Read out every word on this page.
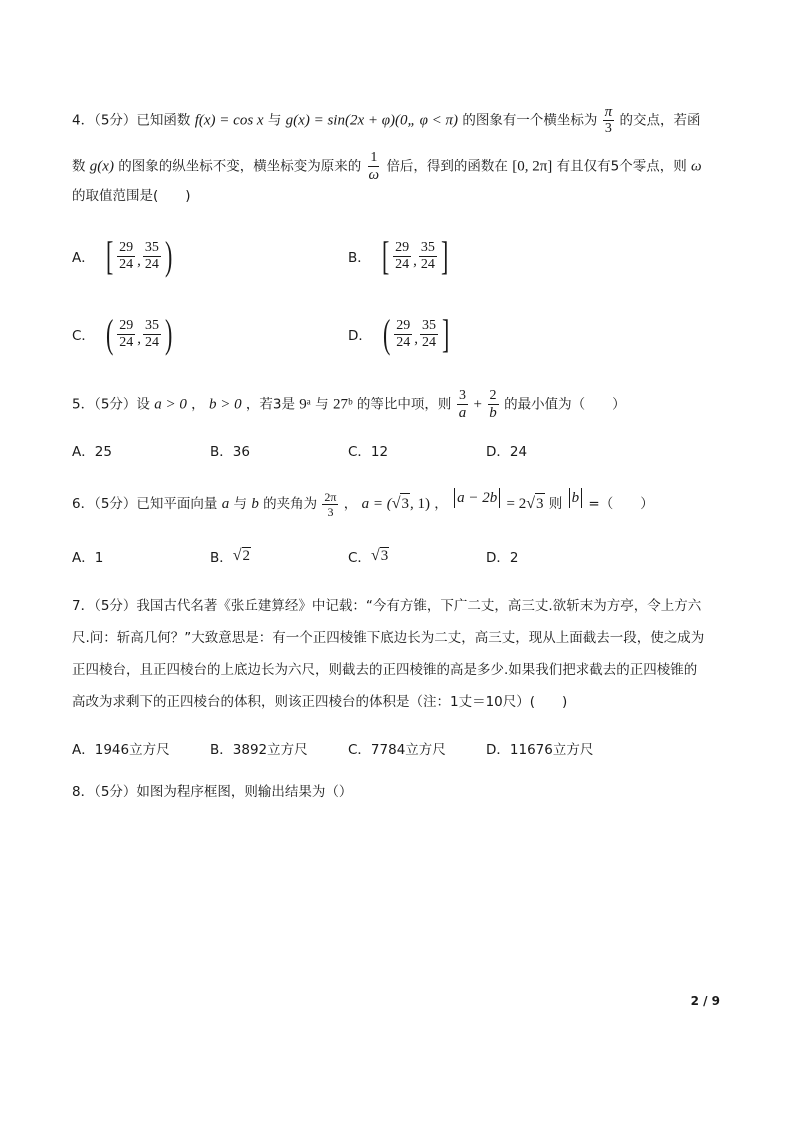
4．（5分）已知函数 f(x) = cos x 与 g(x) = sin(2x + φ)(0„ φ < π) 的图象有一个横坐标为 $\frac{\pi}{3}$ 的交点，若函
数 g(x) 的图象的纵坐标不变，横坐标变为原来的 $\frac{1}{\omega}$ 倍后，得到的函数在 [0, 2π] 有且仅有5个零点，则 ω
的取值范围是(　　)
A． [ $\frac{29}{24}$ , $\frac{35}{24}$ )	B． [ $\frac{29}{24}$ , $\frac{35}{24}$ ]
C． ( $\frac{29}{24}$ , $\frac{35}{24}$ )	D． ( $\frac{29}{24}$ , $\frac{35}{24}$ ]
5．（5分）设 a > 0 ， b > 0 ，若3是 9ᵃ 与 27ᵇ 的等比中项，则 $\frac{3}{a} + \frac{2}{b}$ 的最小值为（　　）
A．25	B．36	C．12	D．24
6．（5分）已知平面向量 a 与 b 的夹角为 $\frac{2\pi}{3}$ ， a = ( √ 3 , 1) ， a − 2b = 2 √ 3 则 b =（　　）
A．1	B． √ 2	C． √ 3	D．2
7．（5分）我国古代名著《张丘建算经》中记载：“今有方锥，下广二丈，高三丈.欲斩末为方亭，令上方六
尺.问：斩高几何？”大致意思是：有一个正四棱锥下底边长为二丈，高三丈，现从上面截去一段，使之成为
正四棱台，且正四棱台的上底边长为六尺，则截去的正四棱锥的高是多少.如果我们把求截去的正四棱锥的
高改为求剩下的正四棱台的体积，则该正四棱台的体积是（注：1丈＝10尺）(　　)
A．1946立方尺	B．3892立方尺	C．7784立方尺	D．11676立方尺
8．（5分）如图为程序框图，则输出结果为（）
2 / 9
